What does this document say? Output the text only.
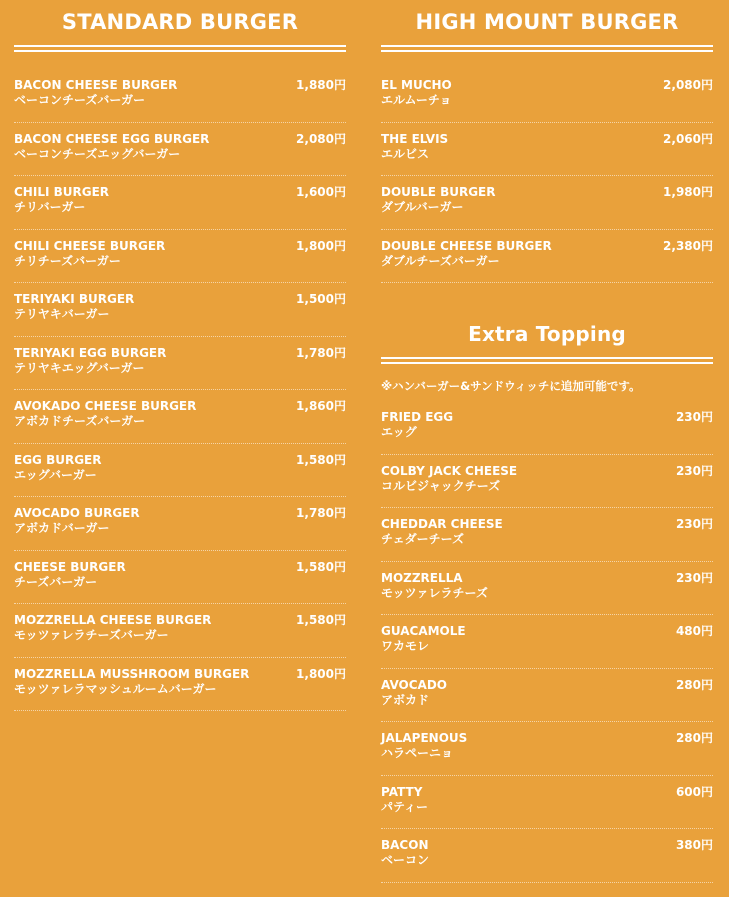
STANDARD BURGER
BACON CHEESE BURGER
ベーコンチーズバーガー
1,880円
BACON CHEESE EGG BURGER
ベーコンチーズエッグバーガー
2,080円
CHILI BURGER
チリバーガー
1,600円
CHILI CHEESE BURGER
チリチーズバーガー
1,800円
TERIYAKI BURGER
テリヤキバーガー
1,500円
TERIYAKI EGG BURGER
テリヤキエッグバーガー
1,780円
AVOKADO CHEESE BURGER
アボカドチーズバーガー
1,860円
EGG BURGER
エッグバーガー
1,580円
AVOCADO BURGER
アボカドバーガー
1,780円
CHEESE BURGER
チーズバーガー
1,580円
MOZZRELLA CHEESE BURGER
モッツァレラチーズバーガー
1,580円
MOZZRELLA MUSSHROOM BURGER
モッツァレラマッシュルームバーガー
1,800円
HIGH MOUNT BURGER
EL MUCHO
エルムーチョ
2,080円
THE ELVIS
エルビス
2,060円
DOUBLE BURGER
ダブルバーガー
1,980円
DOUBLE CHEESE BURGER
ダブルチーズバーガー
2,380円
Extra Topping
※ハンバーガー&サンドウィッチに追加可能です。
FRIED EGG
エッグ
230円
COLBY JACK CHEESE
コルビジャックチーズ
230円
CHEDDAR CHEESE
チェダーチーズ
230円
MOZZRELLA
モッツァレラチーズ
230円
GUACAMOLE
ワカモレ
480円
AVOCADO
アボカド
280円
JALAPENOUS
ハラペーニョ
280円
PATTY
パティー
600円
BACON
ベーコン
380円
